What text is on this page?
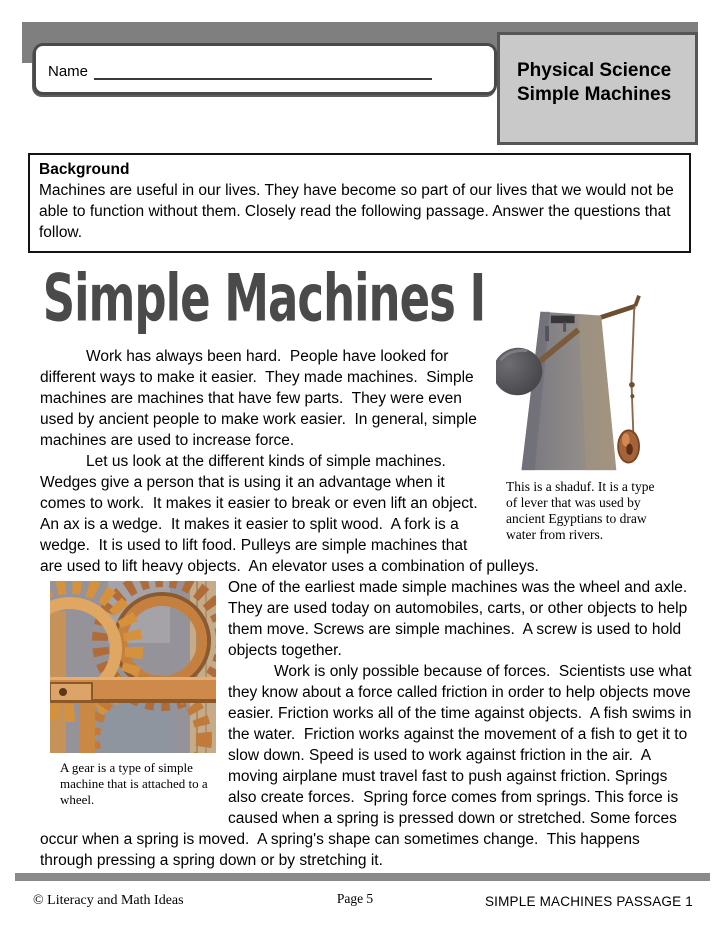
Name	Physical Science
Simple Machines
Background
Machines are useful in our lives. They have become so part of our lives that we would not be able to function without them. Closely read the following passage. Answer the questions that follow.
This is a shaduf. It is a type of lever that was used by ancient Egyptians to draw water from rivers.
Simple Machines I

Work has always been hard.  People have looked for different ways to make it easier.  They made machines.  Simple machines are machines that have few parts.  They were even used by ancient people to make work easier.  In general, simple machines are used to increase force.

Let us look at the different kinds of simple machines. Wedges give a person that is using it an advantage when it comes to work.  It makes it easier to break or even lift an object.  An ax is a wedge.  It makes it easier to split wood.  A fork is a wedge.  It is used to lift food. Pulleys are simple machines that are used to lift heavy objects.  An elevator uses a combination of pulleys.

A gear is a type of simple machine that is attached to a wheel.

One of the earliest made simple machines was the wheel and axle.  They are used today on automobiles, carts, or other objects to help them move. Screws are simple machines.  A screw is used to hold objects together.

Work is only possible because of forces.  Scientists use what they know about a force called friction in order to help objects move easier. Friction works all of the time against objects.  A fish swims in the water.  Friction works against the movement of a fish to get it to slow down. Speed is used to work against friction in the air.  A moving airplane must travel fast to push against friction. Springs also create forces.  Spring force comes from springs. This force is caused when a spring is pressed down or stretched. Some forces occur when a spring is moved.  A spring's shape can sometimes change.  This happens through pressing a spring down or by stretching it.

© Literacy and Math Ideas	Page 5	SIMPLE MACHINES PASSAGE 1
